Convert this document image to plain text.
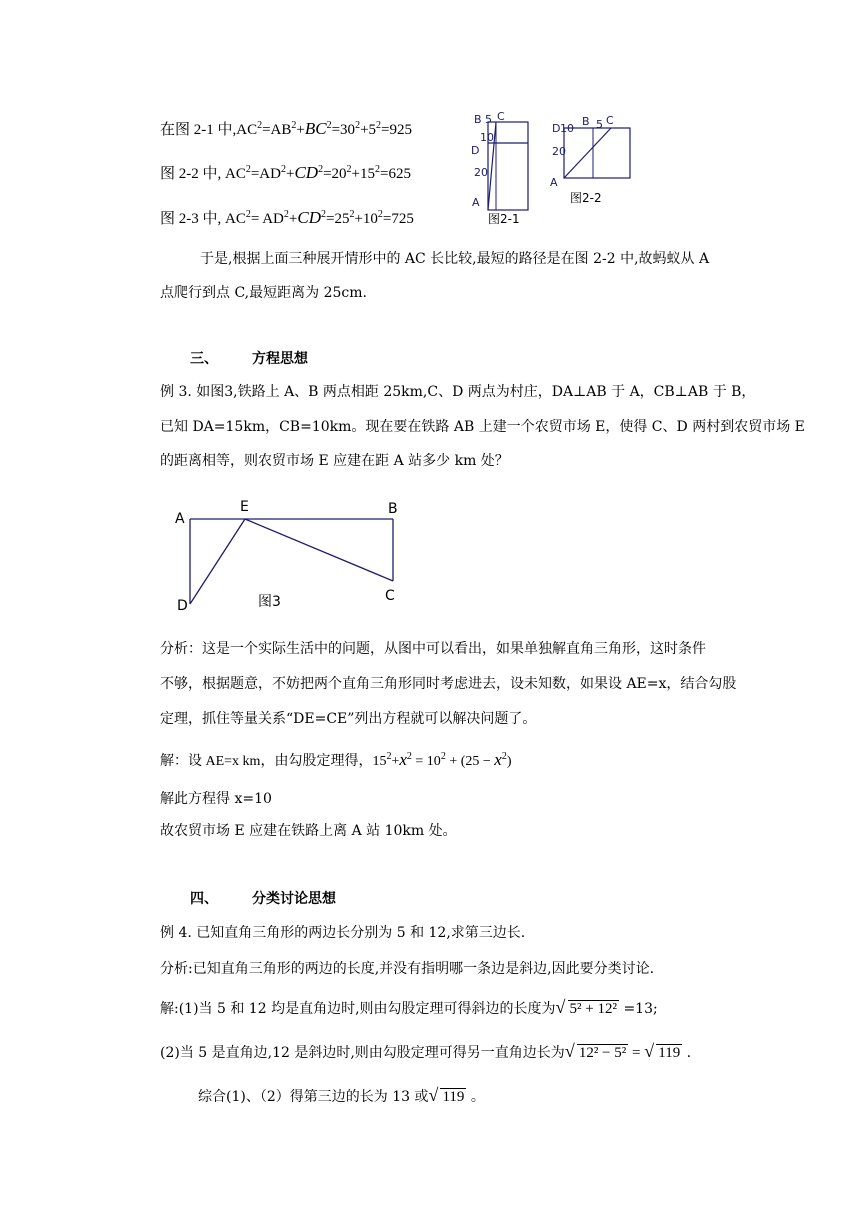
在图 2-1 中$,AC^2=AB^2+BC^2=30^2+5^2=925$
图 2-2 中, $AC^2=AD^2+CD^2=20^2+15^2=625$
图 2-3 中, $AC^2= AD^2+CD^2=25^2+10^2=725$
B 5 C
10
D
20
A
图2-1
D 10
B 5 C
20
A
图2-2
于是,根据上面三种展开情形中的 AC 长比较,最短的路径是在图 2-2 中,故蚂蚁从 A
点爬行到点 C,最短距离为 25cm.
三、 方程思想
例 3. 如图3,铁路上 A、B 两点相距 25km,C、D 两点为村庄，DA⊥AB 于 A，CB⊥AB 于 B，
已知 DA=15km，CB=10km。现在要在铁路 AB 上建一个农贸市场 E，使得 C、D 两村到农贸市场 E
的距离相等，则农贸市场 E 应建在距 A 站多少 km 处？
A
E	B
C
D	图3
分析：这是一个实际生活中的问题，从图中可以看出，如果单独解直角三角形，这时条件
不够，根据题意，不妨把两个直角三角形同时考虑进去，设未知数，如果设 AE=x，结合勾股
定理，抓住等量关系“DE=CE”列出方程就可以解决问题了。
解：设 AE=x km，由勾股定理得，$15^2+x^2 = 10^2 + (25 - x^2)$
解此方程得 x=10
故农贸市场 E 应建在铁路上离 A 站 10km 处。
四、 分类讨论思想
例 4. 已知直角三角形的两边长分别为 5 和 12,求第三边长.
分析:已知直角三角形的两边的长度,并没有指明哪一条边是斜边,因此要分类讨论.
解:(1)当 5 和 12 均是直角边时,则由勾股定理可得斜边的长度为 √ 5² + 12² =13;
(2)当 5 是直角边,12 是斜边时,则由勾股定理可得另一直角边长为 √ 12² − 5² = √ 119 .
综合(1)、（2）得第三边的长为 13 或 √ 119 。
